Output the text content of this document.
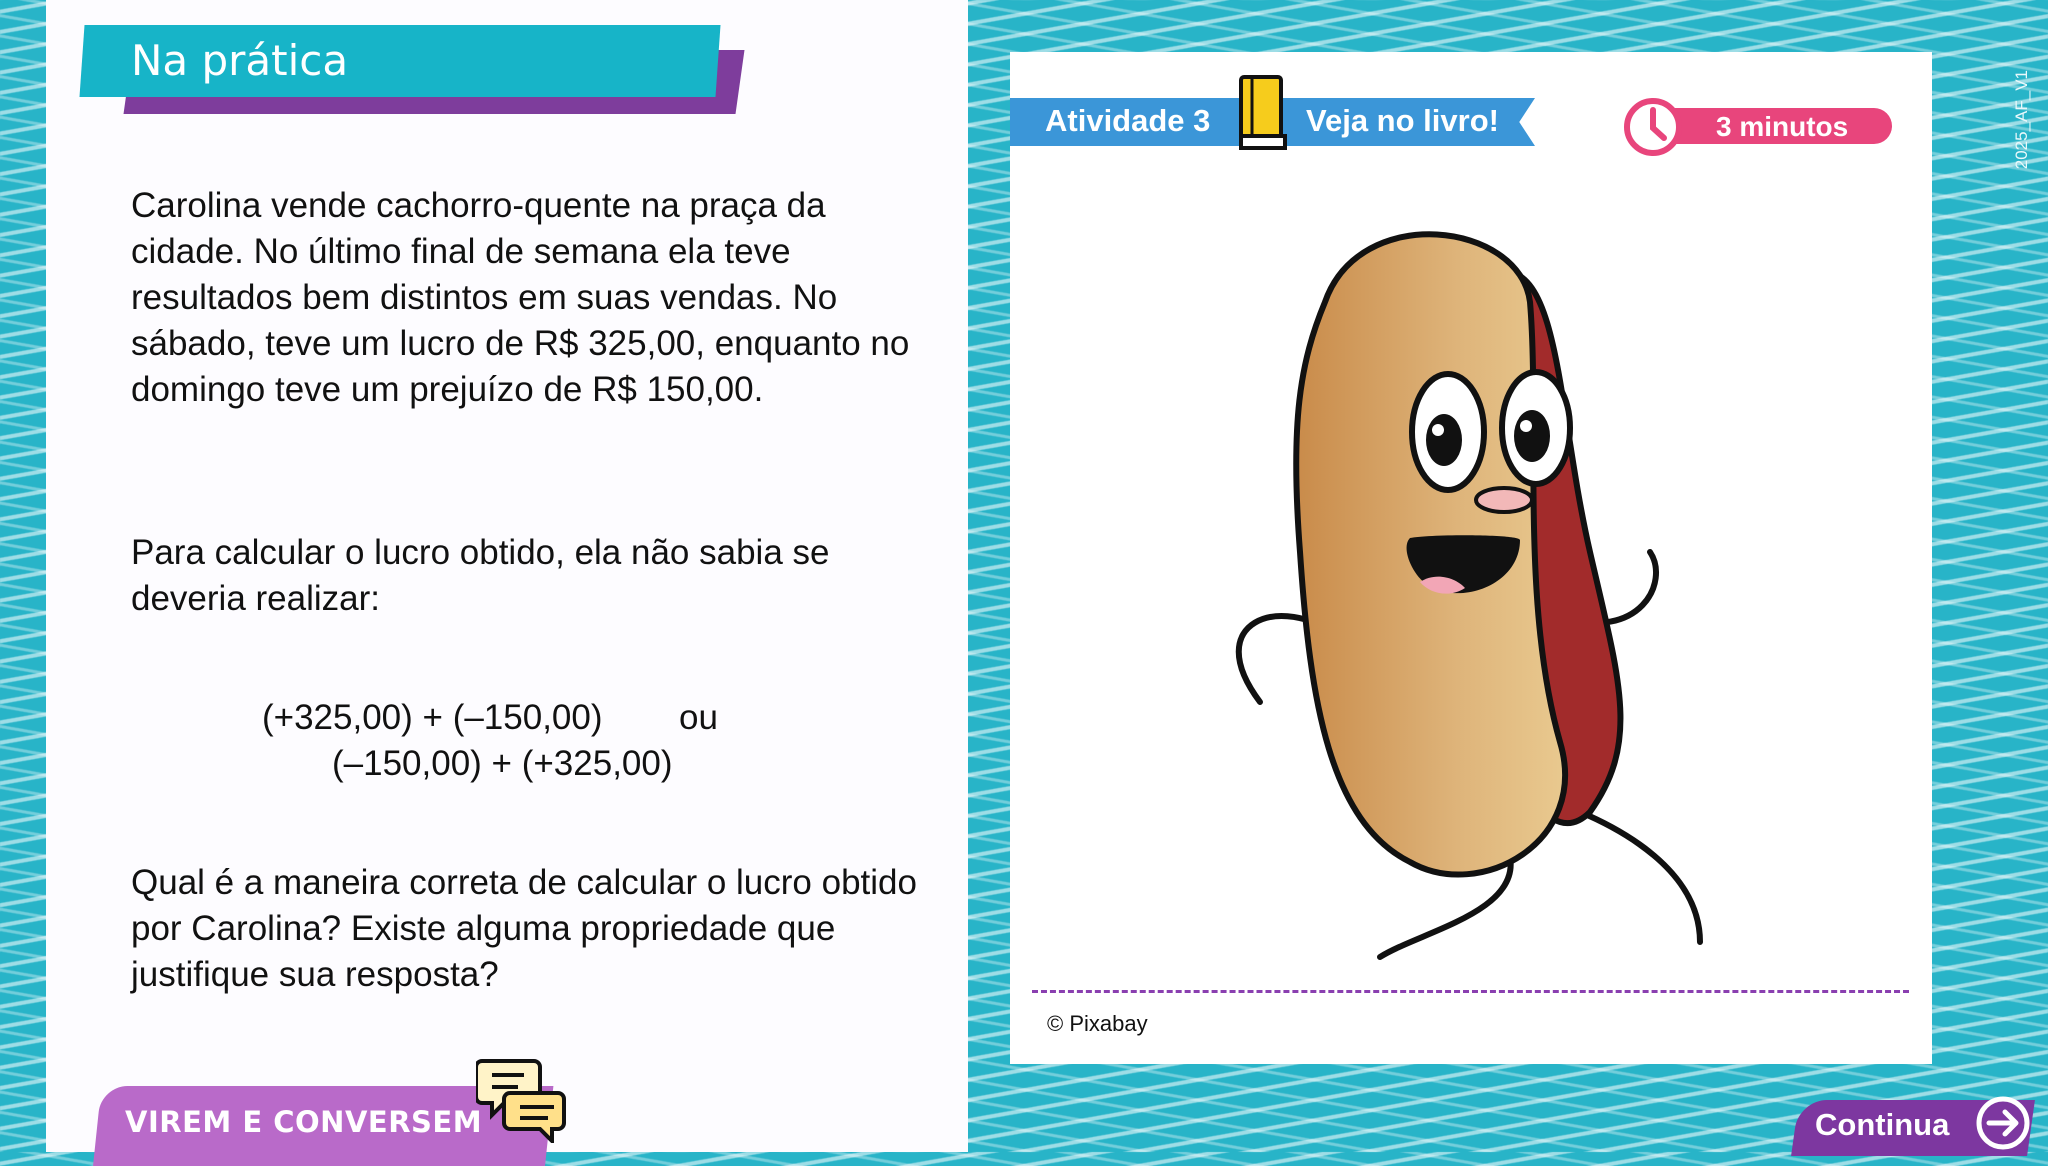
Na prática
Carolina vende cachorro-quente na praça da cidade. No último final de semana ela teve resultados bem distintos em suas vendas. No sábado, teve um lucro de R$ 325,00, enquanto no domingo teve um prejuízo de R$ 150,00.
Para calcular o lucro obtido, ela não sabia se deveria realizar:
(+325,00) + (–150,00) ou
(–150,00) + (+325,00)
Qual é a maneira correta de calcular o lucro obtido por Carolina? Existe alguma propriedade que justifique sua resposta?
VIREM E CONVERSEM
Atividade 3	Veja no livro!	3 minutos
© Pixabay
2025_AF_V1
Continua
